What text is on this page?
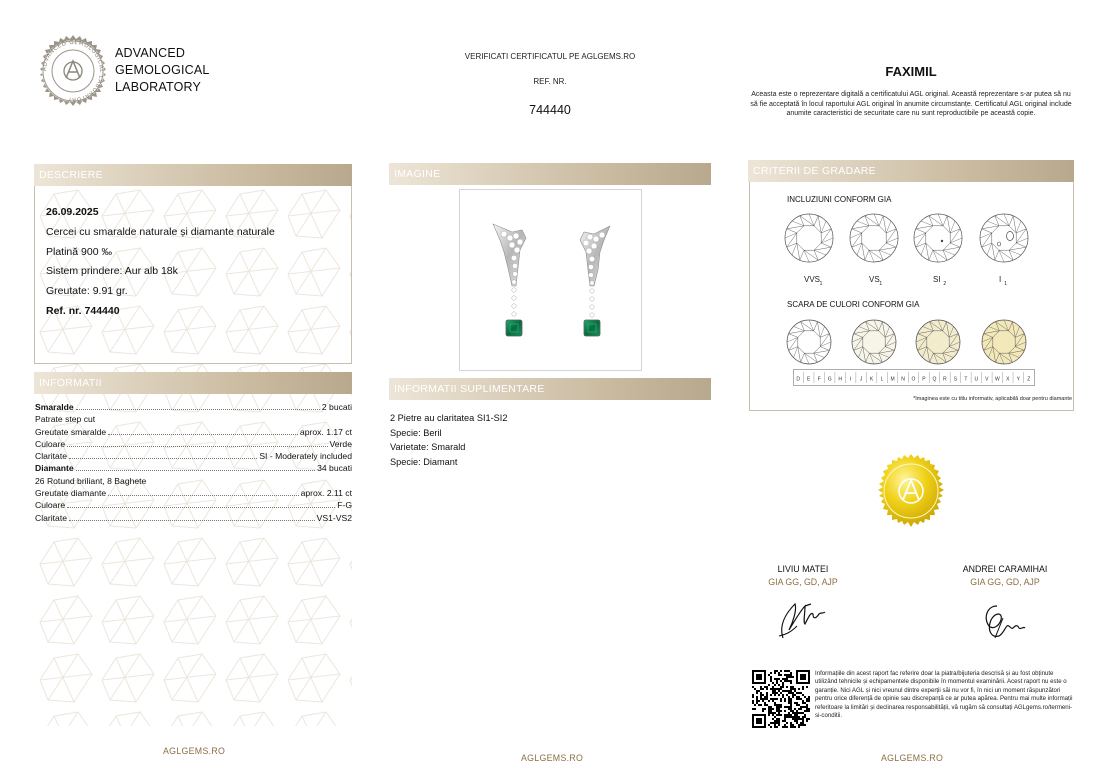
ADVANCED GEMOLOGICAL LABORATORY
ADVANCED
GEMOLOGICAL
LABORATORY
VERIFICATI CERTIFICATUL PE AGLGEMS.RO
REF. NR.
744440
FAXIMIL
Aceasta este o reprezentare digitală a certificatului AGL original. Această reprezentare s-ar putea să nu să fie acceptată în locul raportului AGL original în anumite circumstanțe. Certificatul AGL original include anumite caracteristici de securitate care nu sunt reproductibile pe această copie.
DESCRIERE
26.09.2025
Cercei cu smaralde naturale și diamante naturale
Platină 900 ‰
Sistem prindere: Aur alb 18k
Greutate: 9.91 gr.
Ref. nr. 744440
INFORMATII
Smaralde	2 bucati
Patrate step cut
Greutate smaralde	aprox. 1.17 ct
Culoare	Verde
Claritate	SI - Moderately included
Diamante	34 bucati
26 Rotund briliant, 8 Baghete
Greutate diamante	aprox. 2.11 ct
Culoare	F-G
Claritate	VS1-VS2
IMAGINE
INFORMATII SUPLIMENTARE
2 Pietre au claritatea SI1-SI2
Specie: Beril
Varietate: Smarald
Specie: Diamant
CRITERII DE GRADARE
INCLUZIUNI CONFORM GIA
VVS 1	VS 1	SI 2	I 1
SCARA DE CULORI CONFORM GIA
D E F G H I J K L M N O P Q R S T U V W X Y Z
*Imaginea este cu titlu informativ, aplicabilă doar pentru diamante
LIVIU MATEI
GIA GG, GD, AJP
ANDREI CARAMIHAI
GIA GG, GD, AJP
Informațiile din acest raport fac referire doar la piatra/bijuteria descrisă și au fost obținute utilizând tehnicile și echipamentele disponibile în momentul examinării. Acest raport nu este o garanție. Nici AGL și nici vreunul dintre experții săi nu vor fi, în nici un moment răspunzători pentru orice diferență de opinie sau discrepanță ce ar putea apărea. Pentru mai multe informații referitoare la limitări și declinarea responsabilității, vă rugăm să consultați AGLgems.ro/termeni-si-conditii.
AGLGEMS.RO
AGLGEMS.RO	AGLGEMS.RO
